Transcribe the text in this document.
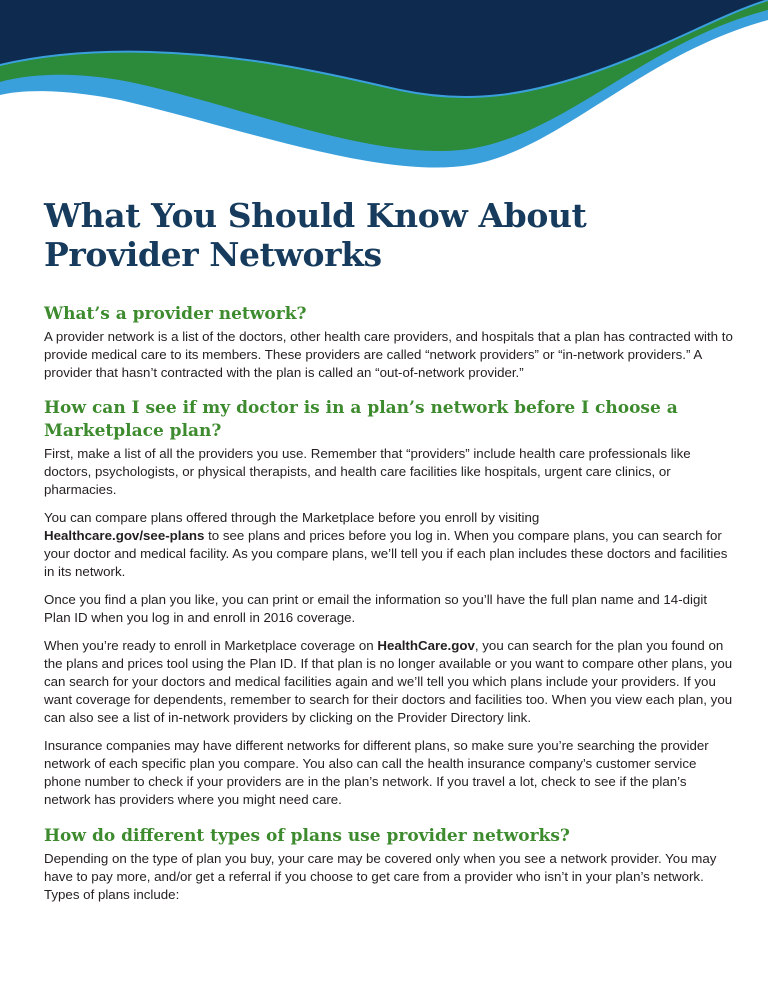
What You Should Know About
Provider Networks
What’s a provider network?

A provider network is a list of the doctors, other health care providers, and hospitals that a plan has contracted with to provide medical care to its members. These providers are called “network providers” or “in-network providers.” A provider that hasn’t contracted with the plan is called an “out-of-network provider.”

How can I see if my doctor is in a plan’s network before I choose a
Marketplace plan?

First, make a list of all the providers you use. Remember that “providers” include health care professionals like doctors, psychologists, or physical therapists, and health care facilities like hospitals, urgent care clinics, or pharmacies.

You can compare plans offered through the Marketplace before you enroll by visiting
Healthcare.gov/see-plans to see plans and prices before you log in. When you compare plans, you can search for your doctor and medical facility. As you compare plans, we’ll tell you if each plan includes these doctors and facilities in its network.

Once you find a plan you like, you can print or email the information so you’ll have the full plan name and 14-digit Plan ID when you log in and enroll in 2016 coverage.

When you’re ready to enroll in Marketplace coverage on HealthCare.gov, you can search for the plan you found on the plans and prices tool using the Plan ID. If that plan is no longer available or you want to compare other plans, you can search for your doctors and medical facilities again and we’ll tell you which plans include your providers. If you want coverage for dependents, remember to search for their doctors and facilities too. When you view each plan, you can also see a list of in-network providers by clicking on the Provider Directory link.

Insurance companies may have different networks for different plans, so make sure you’re searching the provider network of each specific plan you compare. You also can call the health insurance company’s customer service phone number to check if your providers are in the plan’s network. If you travel a lot, check to see if the plan’s network has providers where you might need care.

How do different types of plans use provider networks?

Depending on the type of plan you buy, your care may be covered only when you see a network provider. You may have to pay more, and/or get a referral if you choose to get care from a provider who isn’t in your plan’s network. Types of plans include:
